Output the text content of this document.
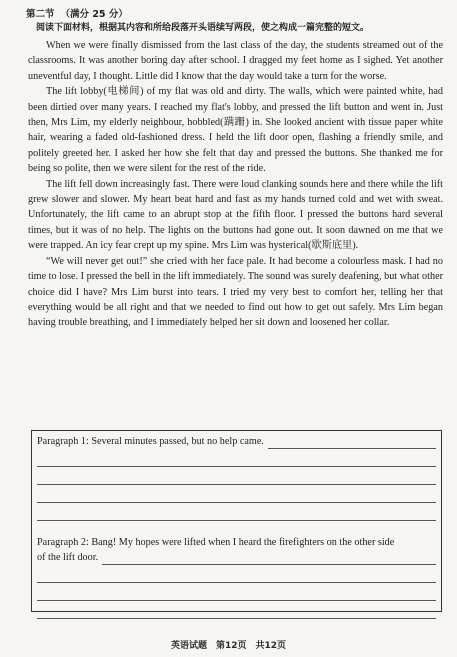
第二节 （满分 25 分）
阅读下面材料，根据其内容和所给段落开头语续写两段，使之构成一篇完整的短文。

When we were finally dismissed from the last class of the day, the students streamed out of the classrooms. It was another boring day after school. I dragged my feet home as I sighed. Yet another uneventful day, I thought. Little did I know that the day would take a turn for the worse.

The lift lobby(电梯间) of my flat was old and dirty. The walls, which were painted white, had been dirtied over many years. I reached my flat's lobby, and pressed the lift button and went in. Just then, Mrs Lim, my elderly neighbour, hobbled(蹒跚) in. She looked ancient with tissue paper white hair, wearing a faded old-fashioned dress. I held the lift door open, flashing a friendly smile, and politely greeted her. I asked her how she felt that day and pressed the buttons. She thanked me for being so polite, then we were silent for the rest of the ride.

The lift fell down increasingly fast. There were loud clanking sounds here and there while the lift grew slower and slower. My heart beat hard and fast as my hands turned cold and wet with sweat. Unfortunately, the lift came to an abrupt stop at the fifth floor. I pressed the buttons hard several times, but it was of no help. The lights on the buttons had gone out. It soon dawned on me that we were trapped. An icy fear crept up my spine. Mrs Lim was hysterical(歇斯底里).

“We will never get out!” she cried with her face pale. It had become a colourless mask. I had no time to lose. I pressed the bell in the lift immediately. The sound was surely deafening, but what other choice did I have? Mrs Lim burst into tears. I tried my very best to comfort her, telling her that everything would be all right and that we needed to find out how to get out safely. Mrs Lim began having trouble breathing, and I immediately helped her sit down and loosened her collar.

Paragraph 1: Several minutes passed, but no help came.
Paragraph 2: Bang! My hopes were lifted when I heard the firefighters on the other side
of the lift door.
英语试题　第12页　共12页
